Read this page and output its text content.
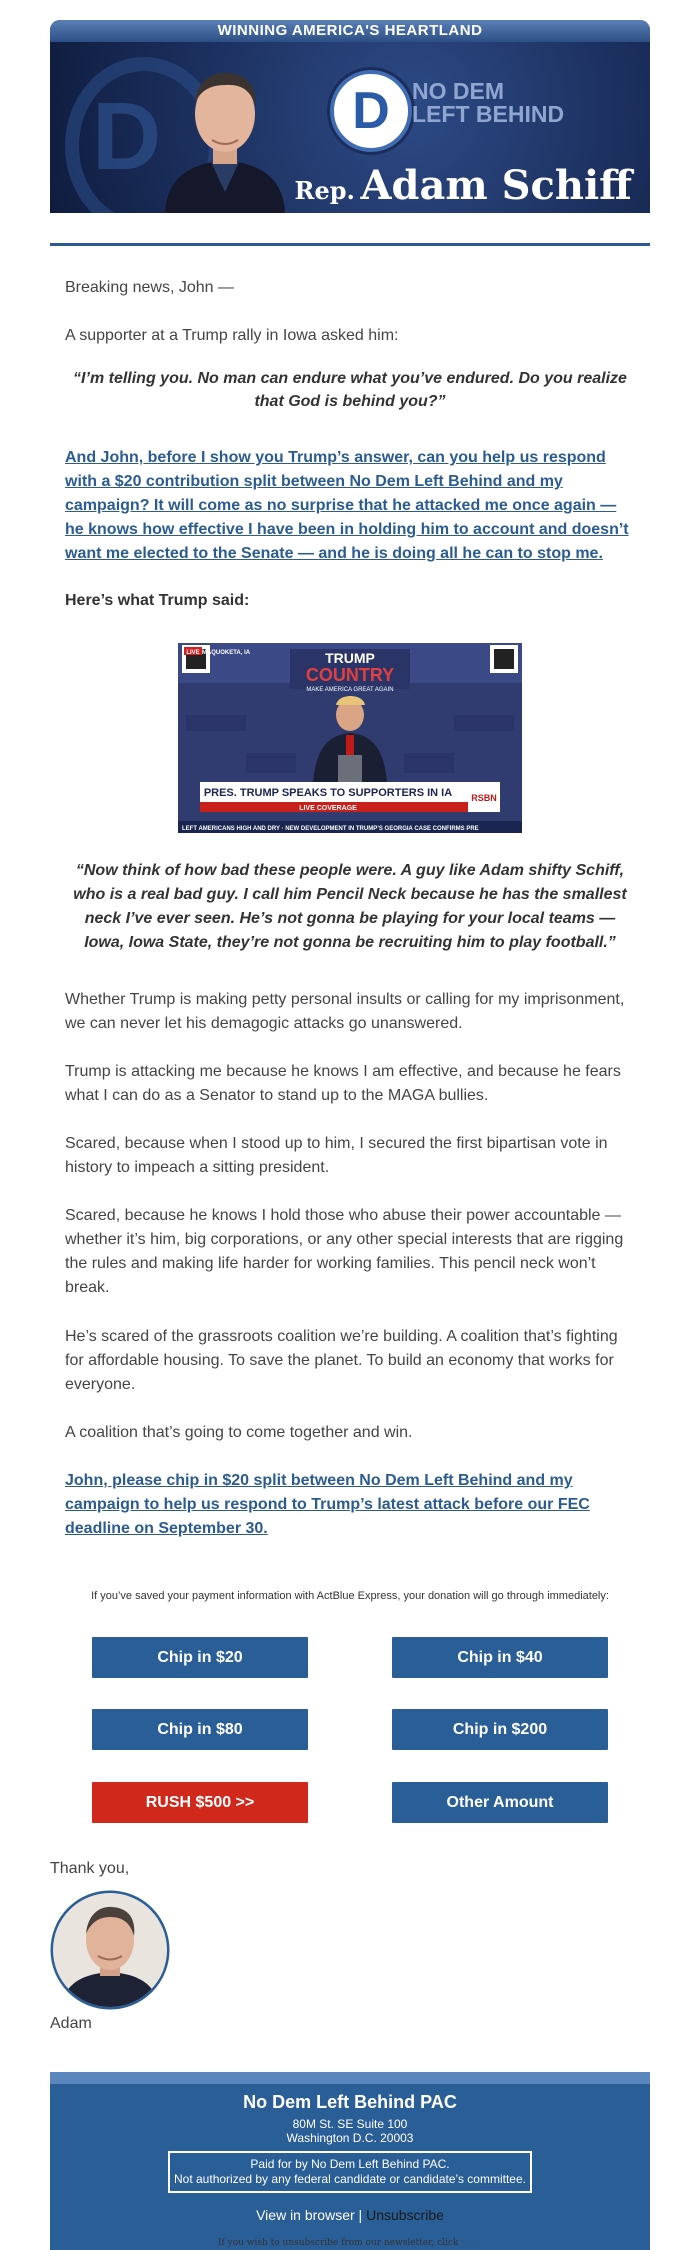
WINNING AMERICA'S HEARTLAND
D	D NO DEM
LEFT BEHIND
Rep. Adam Schiff
Breaking news, John —
A supporter at a Trump rally in Iowa asked him:
“I’m telling you. No man can endure what you’ve endured. Do you realize that God is behind you?”
And John, before I show you Trump’s answer, can you help us respond with a $20 contribution split between No Dem Left Behind and my campaign? It will come as no surprise that he attacked me once again — he knows how effective I have been in holding him to account and doesn’t want me elected to the Senate — and he is doing all he can to stop me.
Here’s what Trump said:
TRUMP
COUNTRY
MAKE AMERICA GREAT AGAIN
LIVE MAQUOKETA, IA
PRES. TRUMP SPEAKS TO SUPPORTERS IN IA RSBN
LIVE COVERAGE
LEFT AMERICANS HIGH AND DRY · NEW DEVELOPMENT IN TRUMP’S GEORGIA CASE CONFIRMS PRE
“Now think of how bad these people were. A guy like Adam shifty Schiff, who is a real bad guy. I call him Pencil Neck because he has the smallest neck I’ve ever seen. He’s not gonna be playing for your local teams — Iowa, Iowa State, they’re not gonna be recruiting him to play football.”
Whether Trump is making petty personal insults or calling for my imprisonment, we can never let his demagogic attacks go unanswered.
Trump is attacking me because he knows I am effective, and because he fears what I can do as a Senator to stand up to the MAGA bullies.
Scared, because when I stood up to him, I secured the first bipartisan vote in history to impeach a sitting president.
Scared, because he knows I hold those who abuse their power accountable — whether it’s him, big corporations, or any other special interests that are rigging the rules and making life harder for working families. This pencil neck won’t break.
He’s scared of the grassroots coalition we’re building. A coalition that’s fighting for affordable housing. To save the planet. To build an economy that works for everyone.
A coalition that’s going to come together and win.
John, please chip in $20 split between No Dem Left Behind and my campaign to help us respond to Trump’s latest attack before our FEC deadline on September 30.
If you’ve saved your payment information with ActBlue Express, your donation will go through immediately:
Chip in $20	Chip in $40
Chip in $80	Chip in $200
RUSH $500 >>	Other Amount
Thank you,
Adam
No Dem Left Behind PAC
80M St. SE Suite 100
Washington D.C. 20003
Paid for by No Dem Left Behind PAC.
Not authorized by any federal candidate or candidate’s committee.
View in browser | Unsubscribe
If you wish to unsubscribe from our newsletter, click here
